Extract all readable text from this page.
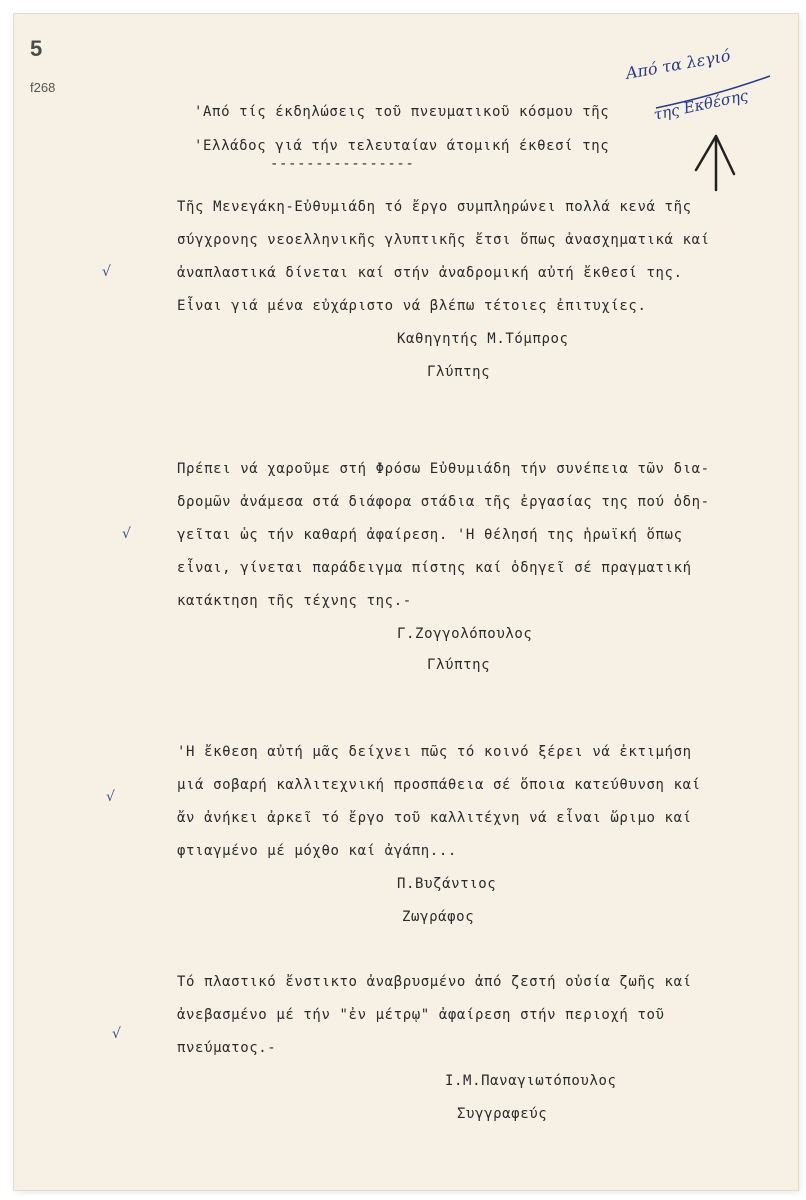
5
f268
Από τα λεγιό
της Εκθέσης
'Από τίς έκδηλώσεις τοῦ πνευματικοῦ κόσμου τῆς
'Ελλάδος γιά τήν τελευταίαν άτομική έκθεσί της
----------------
Τῆς Μενεγάκη-Εὐθυμιάδη τό ἔργο συμπληρώνει πολλά κενά τῆς
σύγχρονης νεοελληνικῆς γλυπτικῆς ἔτσι ὅπως ἀνασχηματικά καί
ἀναπλαστικά δίνεται καί στήν ἀναδρομική αὐτή ἔκθεσί της.
Εἶναι γιά μένα εὐχάριστο νά βλέπω τέτοιες ἐπιτυχίες.
Καθηγητής Μ.Τόμπρος
Γλύπτης
√
Πρέπει νά χαροῦμε στή Φρόσω Εὐθυμιάδη τήν συνέπεια τῶν δια-
δρομῶν ἀνάμεσα στά διάφορα στάδια τῆς ἐργασίας της πού ὁδη-
γεῖται ὡς τήν καθαρή ἀφαίρεση. 'Η θέλησή της ἡρωϊκή ὅπως
εἶναι, γίνεται παράδειγμα πίστης καί ὁδηγεῖ σέ πραγματική
κατάκτηση τῆς τέχνης της.-
Γ.Ζογγολόπουλος
Γλύπτης
√
'Η ἔκθεση αὐτή μᾶς δείχνει πῶς τό κοινό ξέρει νά ἐκτιμήση
μιά σοβαρή καλλιτεχνική προσπάθεια σέ ὅποια κατεύθυνση καί
ἄν ἀνήκει ἀρκεῖ τό ἔργο τοῦ καλλιτέχνη νά εἶναι ὥριμο καί
φτιαγμένο μέ μόχθο καί ἀγάπη...
Π.Βυζάντιος
Ζωγράφος
√
Τό πλαστικό ἔνστικτο ἀναβρυσμένο ἀπό ζεστή οὐσία ζωῆς καί
ἀνεβασμένο μέ τήν "ἐν μέτρῳ" ἀφαίρεση στήν περιοχή τοῦ
πνεύματος.-
Ι.Μ.Παναγιωτόπουλος
Συγγραφεύς
√
